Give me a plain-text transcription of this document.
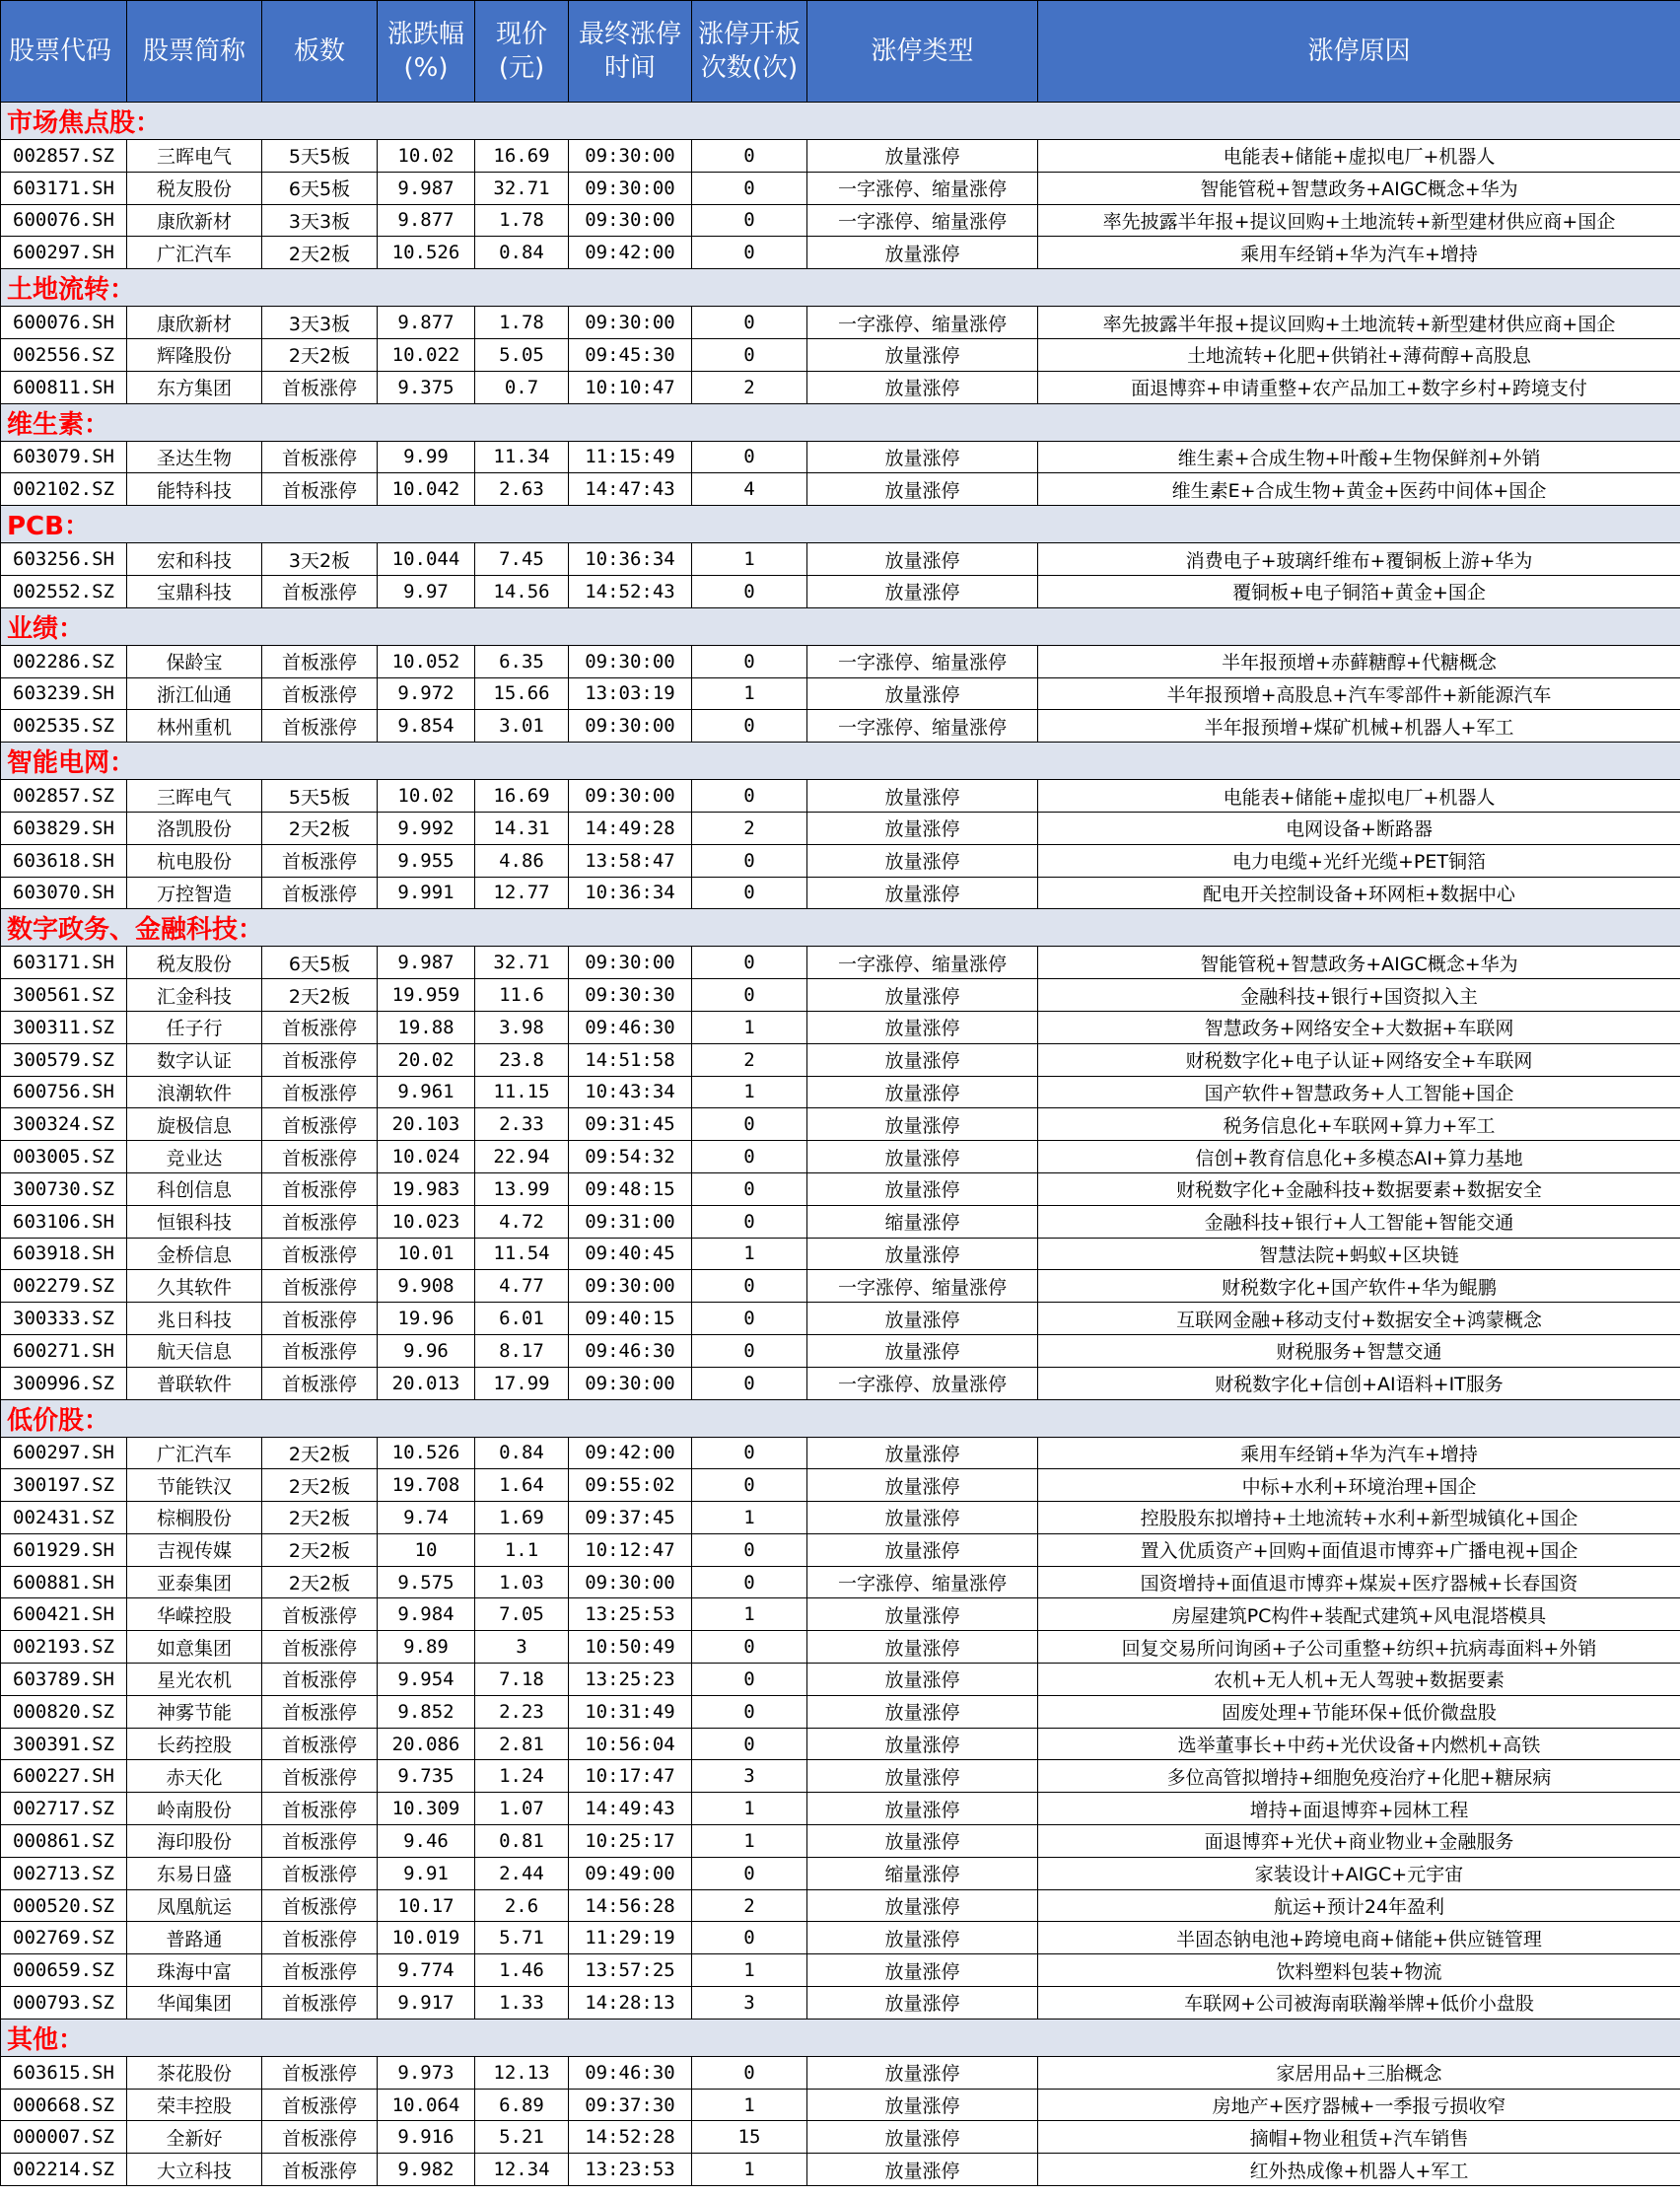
股票代码	股票简称	板数	涨跌幅(%)	现价(元)	最终涨停时间	涨停开板次数(次)	涨停类型	涨停原因
市场焦点股：								
002857.SZ	三晖电气	5天5板	10.02	16.69	09:30:00	0	放量涨停	电能表+储能+虚拟电厂+机器人
603171.SH	税友股份	6天5板	9.987	32.71	09:30:00	0	一字涨停、缩量涨停	智能管税+智慧政务+AIGC概念+华为
600076.SH	康欣新材	3天3板	9.877	1.78	09:30:00	0	一字涨停、缩量涨停	率先披露半年报+提议回购+土地流转+新型建材供应商+国企
600297.SH	广汇汽车	2天2板	10.526	0.84	09:42:00	0	放量涨停	乘用车经销+华为汽车+增持
土地流转：								
600076.SH	康欣新材	3天3板	9.877	1.78	09:30:00	0	一字涨停、缩量涨停	率先披露半年报+提议回购+土地流转+新型建材供应商+国企
002556.SZ	辉隆股份	2天2板	10.022	5.05	09:45:30	0	放量涨停	土地流转+化肥+供销社+薄荷醇+高股息
600811.SH	东方集团	首板涨停	9.375	0.7	10:10:47	2	放量涨停	面退博弈+申请重整+农产品加工+数字乡村+跨境支付
维生素：								
603079.SH	圣达生物	首板涨停	9.99	11.34	11:15:49	0	放量涨停	维生素+合成生物+叶酸+生物保鲜剂+外销
002102.SZ	能特科技	首板涨停	10.042	2.63	14:47:43	4	放量涨停	维生素E+合成生物+黄金+医药中间体+国企
PCB：								
603256.SH	宏和科技	3天2板	10.044	7.45	10:36:34	1	放量涨停	消费电子+玻璃纤维布+覆铜板上游+华为
002552.SZ	宝鼎科技	首板涨停	9.97	14.56	14:52:43	0	放量涨停	覆铜板+电子铜箔+黄金+国企
业绩：								
002286.SZ	保龄宝	首板涨停	10.052	6.35	09:30:00	0	一字涨停、缩量涨停	半年报预增+赤藓糖醇+代糖概念
603239.SH	浙江仙通	首板涨停	9.972	15.66	13:03:19	1	放量涨停	半年报预增+高股息+汽车零部件+新能源汽车
002535.SZ	林州重机	首板涨停	9.854	3.01	09:30:00	0	一字涨停、缩量涨停	半年报预增+煤矿机械+机器人+军工
智能电网：								
002857.SZ	三晖电气	5天5板	10.02	16.69	09:30:00	0	放量涨停	电能表+储能+虚拟电厂+机器人
603829.SH	洛凯股份	2天2板	9.992	14.31	14:49:28	2	放量涨停	电网设备+断路器
603618.SH	杭电股份	首板涨停	9.955	4.86	13:58:47	0	放量涨停	电力电缆+光纤光缆+PET铜箔
603070.SH	万控智造	首板涨停	9.991	12.77	10:36:34	0	放量涨停	配电开关控制设备+环网柜+数据中心
数字政务、金融科技：								
603171.SH	税友股份	6天5板	9.987	32.71	09:30:00	0	一字涨停、缩量涨停	智能管税+智慧政务+AIGC概念+华为
300561.SZ	汇金科技	2天2板	19.959	11.6	09:30:30	0	放量涨停	金融科技+银行+国资拟入主
300311.SZ	任子行	首板涨停	19.88	3.98	09:46:30	1	放量涨停	智慧政务+网络安全+大数据+车联网
300579.SZ	数字认证	首板涨停	20.02	23.8	14:51:58	2	放量涨停	财税数字化+电子认证+网络安全+车联网
600756.SH	浪潮软件	首板涨停	9.961	11.15	10:43:34	1	放量涨停	国产软件+智慧政务+人工智能+国企
300324.SZ	旋极信息	首板涨停	20.103	2.33	09:31:45	0	放量涨停	税务信息化+车联网+算力+军工
003005.SZ	竞业达	首板涨停	10.024	22.94	09:54:32	0	放量涨停	信创+教育信息化+多模态AI+算力基地
300730.SZ	科创信息	首板涨停	19.983	13.99	09:48:15	0	放量涨停	财税数字化+金融科技+数据要素+数据安全
603106.SH	恒银科技	首板涨停	10.023	4.72	09:31:00	0	缩量涨停	金融科技+银行+人工智能+智能交通
603918.SH	金桥信息	首板涨停	10.01	11.54	09:40:45	1	放量涨停	智慧法院+蚂蚁+区块链
002279.SZ	久其软件	首板涨停	9.908	4.77	09:30:00	0	一字涨停、缩量涨停	财税数字化+国产软件+华为鲲鹏
300333.SZ	兆日科技	首板涨停	19.96	6.01	09:40:15	0	放量涨停	互联网金融+移动支付+数据安全+鸿蒙概念
600271.SH	航天信息	首板涨停	9.96	8.17	09:46:30	0	放量涨停	财税服务+智慧交通
300996.SZ	普联软件	首板涨停	20.013	17.99	09:30:00	0	一字涨停、放量涨停	财税数字化+信创+AI语料+IT服务
低价股：								
600297.SH	广汇汽车	2天2板	10.526	0.84	09:42:00	0	放量涨停	乘用车经销+华为汽车+增持
300197.SZ	节能铁汉	2天2板	19.708	1.64	09:55:02	0	放量涨停	中标+水利+环境治理+国企
002431.SZ	棕榈股份	2天2板	9.74	1.69	09:37:45	1	放量涨停	控股股东拟增持+土地流转+水利+新型城镇化+国企
601929.SH	吉视传媒	2天2板	10	1.1	10:12:47	0	放量涨停	置入优质资产+回购+面值退市博弈+广播电视+国企
600881.SH	亚泰集团	2天2板	9.575	1.03	09:30:00	0	一字涨停、缩量涨停	国资增持+面值退市博弈+煤炭+医疗器械+长春国资
600421.SH	华嵘控股	首板涨停	9.984	7.05	13:25:53	1	放量涨停	房屋建筑PC构件+装配式建筑+风电混塔模具
002193.SZ	如意集团	首板涨停	9.89	3	10:50:49	0	放量涨停	回复交易所问询函+子公司重整+纺织+抗病毒面料+外销
603789.SH	星光农机	首板涨停	9.954	7.18	13:25:23	0	放量涨停	农机+无人机+无人驾驶+数据要素
000820.SZ	神雾节能	首板涨停	9.852	2.23	10:31:49	0	放量涨停	固废处理+节能环保+低价微盘股
300391.SZ	长药控股	首板涨停	20.086	2.81	10:56:04	0	放量涨停	选举董事长+中药+光伏设备+内燃机+高铁
600227.SH	赤天化	首板涨停	9.735	1.24	10:17:47	3	放量涨停	多位高管拟增持+细胞免疫治疗+化肥+糖尿病
002717.SZ	岭南股份	首板涨停	10.309	1.07	14:49:43	1	放量涨停	增持+面退博弈+园林工程
000861.SZ	海印股份	首板涨停	9.46	0.81	10:25:17	1	放量涨停	面退博弈+光伏+商业物业+金融服务
002713.SZ	东易日盛	首板涨停	9.91	2.44	09:49:00	0	缩量涨停	家装设计+AIGC+元宇宙
000520.SZ	凤凰航运	首板涨停	10.17	2.6	14:56:28	2	放量涨停	航运+预计24年盈利
002769.SZ	普路通	首板涨停	10.019	5.71	11:29:19	0	放量涨停	半固态钠电池+跨境电商+储能+供应链管理
000659.SZ	珠海中富	首板涨停	9.774	1.46	13:57:25	1	放量涨停	饮料塑料包装+物流
000793.SZ	华闻集团	首板涨停	9.917	1.33	14:28:13	3	放量涨停	车联网+公司被海南联瀚举牌+低价小盘股
其他：								
603615.SH	茶花股份	首板涨停	9.973	12.13	09:46:30	0	放量涨停	家居用品+三胎概念
000668.SZ	荣丰控股	首板涨停	10.064	6.89	09:37:30	1	放量涨停	房地产+医疗器械+一季报亏损收窄
000007.SZ	全新好	首板涨停	9.916	5.21	14:52:28	15	放量涨停	摘帽+物业租赁+汽车销售
002214.SZ	大立科技	首板涨停	9.982	12.34	13:23:53	1	放量涨停	红外热成像+机器人+军工
